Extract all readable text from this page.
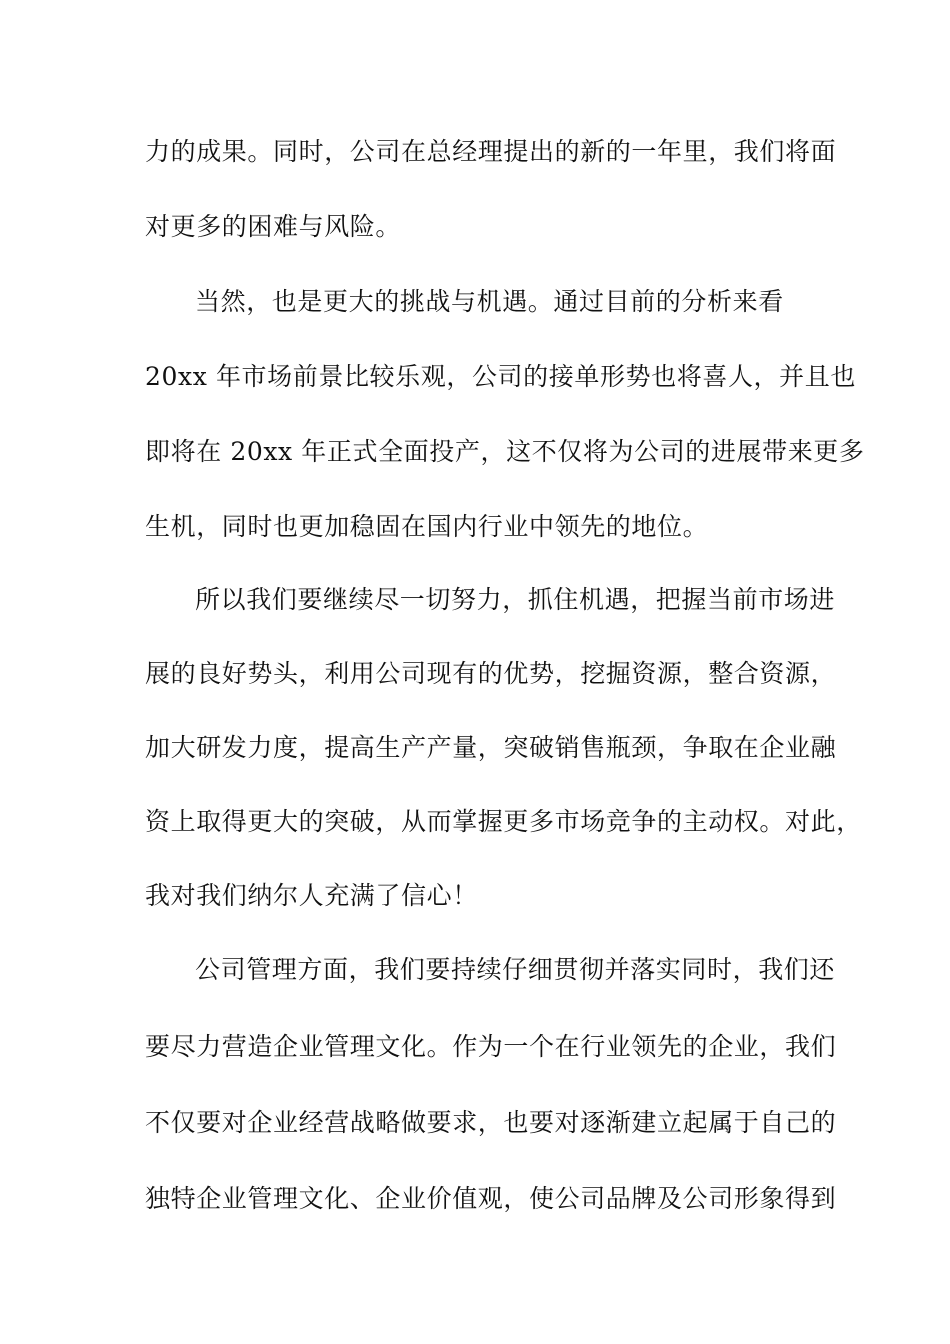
力的成果。同时，公司在总经理提出的新的一年里，我们将面
对更多的困难与风险。
当然，也是更大的挑战与机遇。通过目前的分析来看
20xx 年市场前景比较乐观，公司的接单形势也将喜人，并且也
即将在 20xx 年正式全面投产，这不仅将为公司的进展带来更多
生机，同时也更加稳固在国内行业中领先的地位。
所以我们要继续尽一切努力，抓住机遇，把握当前市场进
展的良好势头，利用公司现有的优势，挖掘资源，整合资源，
加大研发力度，提高生产产量，突破销售瓶颈，争取在企业融
资上取得更大的突破，从而掌握更多市场竞争的主动权。对此，
我对我们纳尔人充满了信心！
公司管理方面，我们要持续仔细贯彻并落实同时，我们还
要尽力营造企业管理文化。作为一个在行业领先的企业，我们
不仅要对企业经营战略做要求，也要对逐渐建立起属于自己的
独特企业管理文化、企业价值观，使公司品牌及公司形象得到
